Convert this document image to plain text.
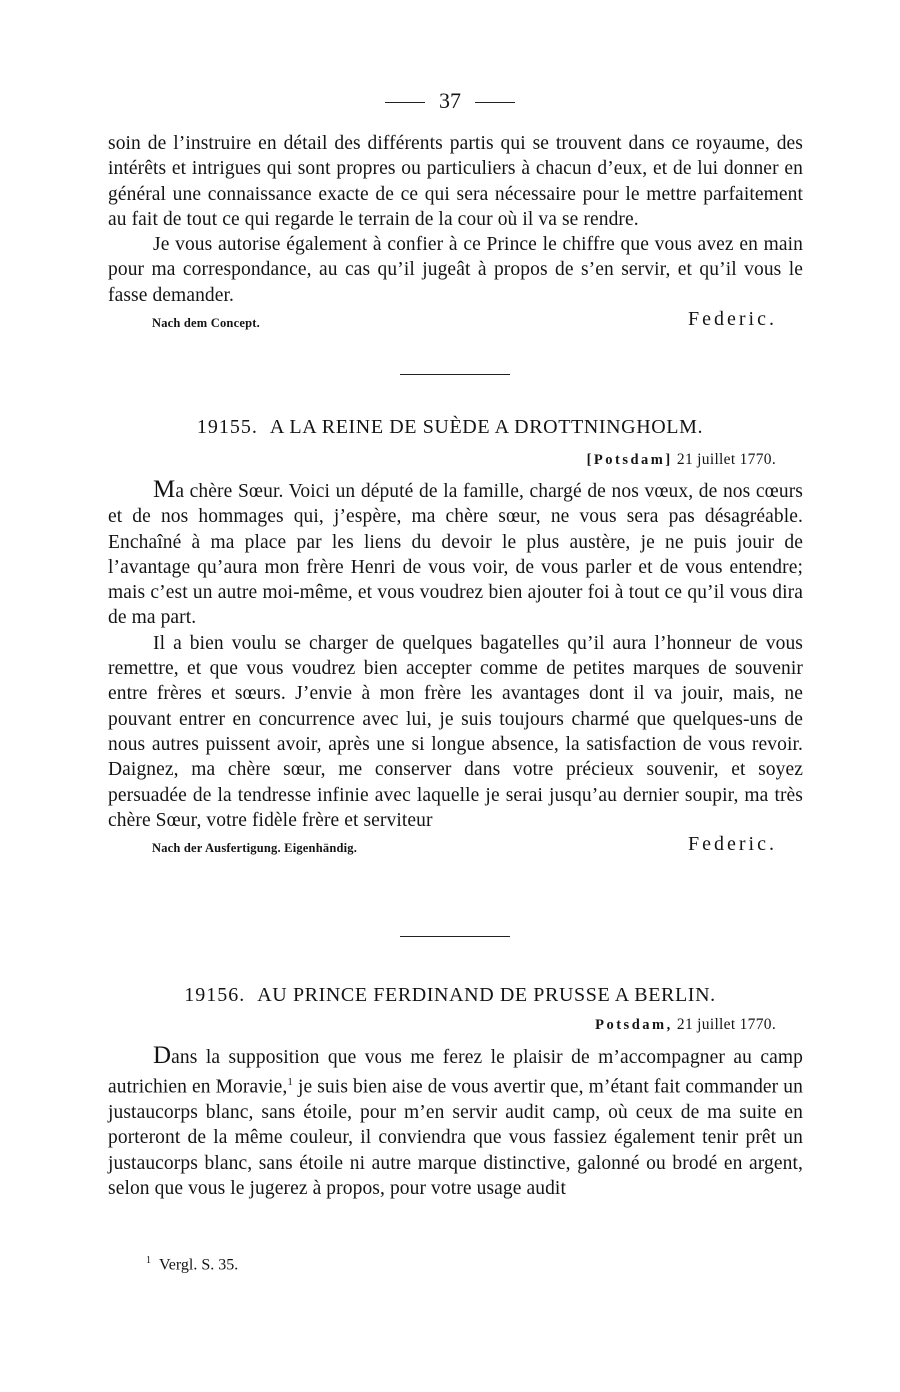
37

soin de l’instruire en détail des différents partis qui se trouvent dans ce royaume, des intérêts et intrigues qui sont propres ou particuliers à chacun d’eux, et de lui donner en général une connaissance exacte de ce qui sera nécessaire pour le mettre parfaitement au fait de tout ce qui regarde le terrain de la cour où il va se rendre.

Je vous autorise également à confier à ce Prince le chiffre que vous avez en main pour ma correspondance, au cas qu’il jugeât à propos de s’en servir, et qu’il vous le fasse demander.

Nach dem Concept.	Federic.
19155. A LA REINE DE SUÈDE A DROTTNINGHOLM.
[Potsdam] 21 juillet 1770.

Ma chère Sœur. Voici un député de la famille, chargé de nos vœux, de nos cœurs et de nos hommages qui, j’espère, ma chère sœur, ne vous sera pas désagréable. Enchaîné à ma place par les liens du devoir le plus austère, je ne puis jouir de l’avantage qu’aura mon frère Henri de vous voir, de vous parler et de vous entendre; mais c’est un autre moi-même, et vous voudrez bien ajouter foi à tout ce qu’il vous dira de ma part.

Il a bien voulu se charger de quelques bagatelles qu’il aura l’honneur de vous remettre, et que vous voudrez bien accepter comme de petites marques de souvenir entre frères et sœurs. J’envie à mon frère les avantages dont il va jouir, mais, ne pouvant entrer en concurrence avec lui, je suis toujours charmé que quelques-uns de nous autres puissent avoir, après une si longue absence, la satisfaction de vous revoir. Daignez, ma chère sœur, me conserver dans votre précieux souvenir, et soyez persuadée de la tendresse infinie avec laquelle je serai jusqu’au dernier soupir, ma très chère Sœur, votre fidèle frère et serviteur

Nach der Ausfertigung. Eigenhändig.	Federic.
19156. AU PRINCE FERDINAND DE PRUSSE A BERLIN.
Potsdam, 21 juillet 1770.

Dans la supposition que vous me ferez le plaisir de m’accompagner au camp autrichien en Moravie,$^1$ je suis bien aise de vous avertir que, m’étant fait commander un justaucorps blanc, sans étoile, pour m’en servir audit camp, où ceux de ma suite en porteront de la même couleur, il conviendra que vous fassiez également tenir prêt un justaucorps blanc, sans étoile ni autre marque distinctive, galonné ou brodé en argent, selon que vous le jugerez à propos, pour votre usage audit

$^1$ Vergl. S. 35.
